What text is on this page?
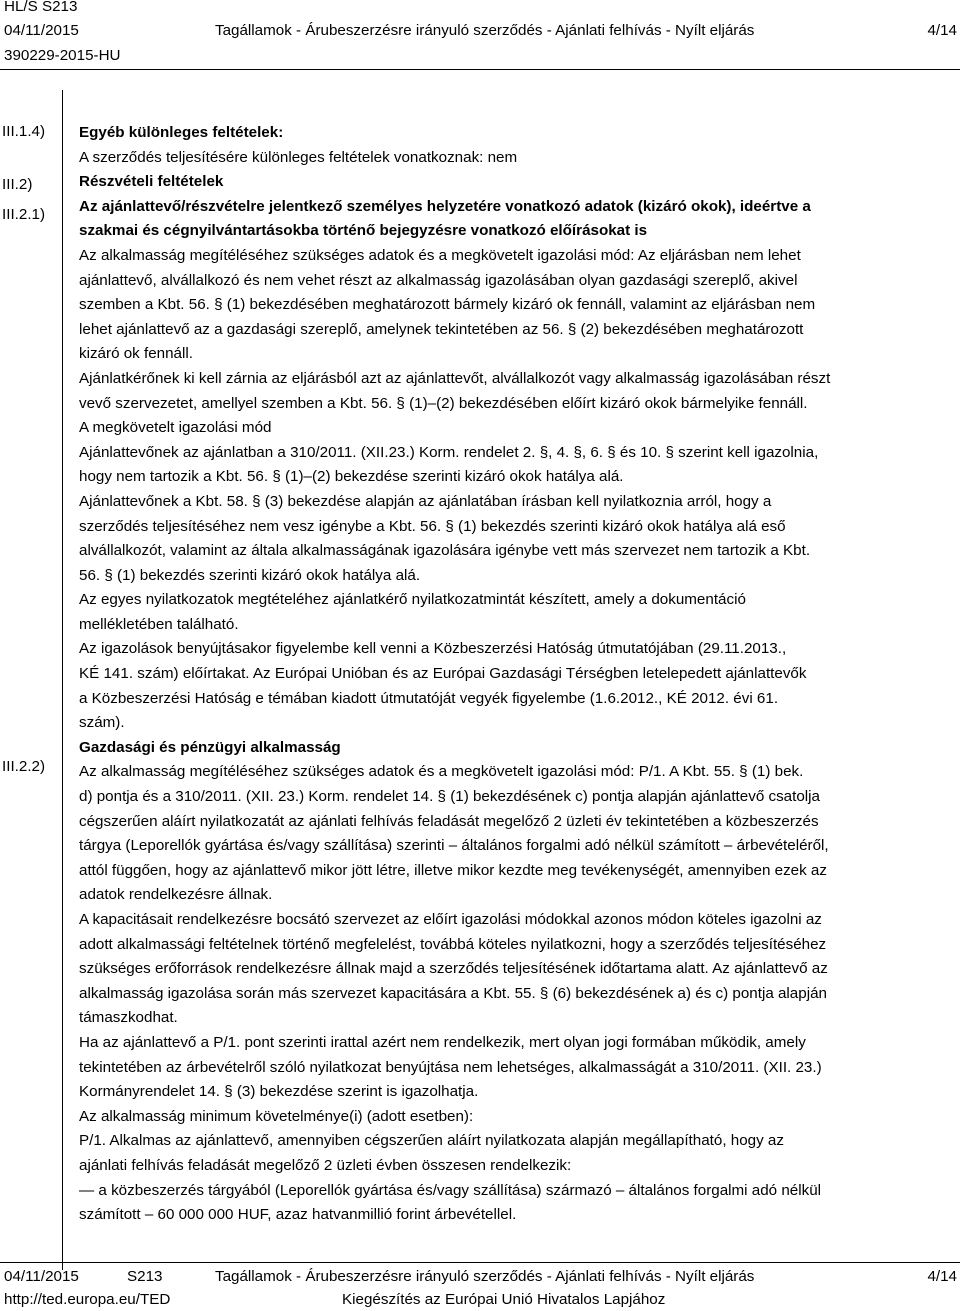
HL/S S213
04/11/2015	Tagállamok - Árubeszerzésre irányuló szerződés - Ajánlati felhívás - Nyílt eljárás	4/14
390229-2015-HU
III.1.4)
III.2)
III.2.1)
III.2.2)
Egyéb különleges feltételek:
A szerződés teljesítésére különleges feltételek vonatkoznak: nem
Részvételi feltételek
Az ajánlattevő/részvételre jelentkező személyes helyzetére vonatkozó adatok (kizáró okok), ideértve a
szakmai és cégnyilvántartásokba történő bejegyzésre vonatkozó előírásokat is
Az alkalmasság megítéléséhez szükséges adatok és a megkövetelt igazolási mód: Az eljárásban nem lehet
ajánlattevő, alvállalkozó és nem vehet részt az alkalmasság igazolásában olyan gazdasági szereplő, akivel
szemben a Kbt. 56. § (1) bekezdésében meghatározott bármely kizáró ok fennáll, valamint az eljárásban nem
lehet ajánlattevő az a gazdasági szereplő, amelynek tekintetében az 56. § (2) bekezdésében meghatározott
kizáró ok fennáll.
Ajánlatkérőnek ki kell zárnia az eljárásból azt az ajánlattevőt, alvállalkozót vagy alkalmasság igazolásában részt
vevő szervezetet, amellyel szemben a Kbt. 56. § (1)–(2) bekezdésében előírt kizáró okok bármelyike fennáll.
A megkövetelt igazolási mód
Ajánlattevőnek az ajánlatban a 310/2011. (XII.23.) Korm. rendelet 2. §, 4. §, 6. § és 10. § szerint kell igazolnia,
hogy nem tartozik a Kbt. 56. § (1)–(2) bekezdése szerinti kizáró okok hatálya alá.
Ajánlattevőnek a Kbt. 58. § (3) bekezdése alapján az ajánlatában írásban kell nyilatkoznia arról, hogy a
szerződés teljesítéséhez nem vesz igénybe a Kbt. 56. § (1) bekezdés szerinti kizáró okok hatálya alá eső
alvállalkozót, valamint az általa alkalmasságának igazolására igénybe vett más szervezet nem tartozik a Kbt.
56. § (1) bekezdés szerinti kizáró okok hatálya alá.
Az egyes nyilatkozatok megtételéhez ajánlatkérő nyilatkozatmintát készített, amely a dokumentáció
mellékletében található.
Az igazolások benyújtásakor figyelembe kell venni a Közbeszerzési Hatóság útmutatójában (29.11.2013.,
KÉ 141. szám) előírtakat. Az Európai Unióban és az Európai Gazdasági Térségben letelepedett ajánlattevők
a Közbeszerzési Hatóság e témában kiadott útmutatóját vegyék figyelembe (1.6.2012., KÉ 2012. évi 61.
szám).
Gazdasági és pénzügyi alkalmasság
Az alkalmasság megítéléséhez szükséges adatok és a megkövetelt igazolási mód: P/1. A Kbt. 55. § (1) bek.
d) pontja és a 310/2011. (XII. 23.) Korm. rendelet 14. § (1) bekezdésének c) pontja alapján ajánlattevő csatolja
cégszerűen aláírt nyilatkozatát az ajánlati felhívás feladását megelőző 2 üzleti év tekintetében a közbeszerzés
tárgya (Leporellók gyártása és/vagy szállítása) szerinti – általános forgalmi adó nélkül számított – árbevételéről,
attól függően, hogy az ajánlattevő mikor jött létre, illetve mikor kezdte meg tevékenységét, amennyiben ezek az
adatok rendelkezésre állnak.
A kapacitásait rendelkezésre bocsátó szervezet az előírt igazolási módokkal azonos módon köteles igazolni az
adott alkalmassági feltételnek történő megfelelést, továbbá köteles nyilatkozni, hogy a szerződés teljesítéséhez
szükséges erőforrások rendelkezésre állnak majd a szerződés teljesítésének időtartama alatt. Az ajánlattevő az
alkalmasság igazolása során más szervezet kapacitására a Kbt. 55. § (6) bekezdésének a) és c) pontja alapján
támaszkodhat.
Ha az ajánlattevő a P/1. pont szerinti irattal azért nem rendelkezik, mert olyan jogi formában működik, amely
tekintetében az árbevételről szóló nyilatkozat benyújtása nem lehetséges, alkalmasságát a 310/2011. (XII. 23.)
Kormányrendelet 14. § (3) bekezdése szerint is igazolhatja.
Az alkalmasság minimum követelménye(i) (adott esetben):
P/1. Alkalmas az ajánlattevő, amennyiben cégszerűen aláírt nyilatkozata alapján megállapítható, hogy az
ajánlati felhívás feladását megelőző 2 üzleti évben összesen rendelkezik:
— a közbeszerzés tárgyából (Leporellók gyártása és/vagy szállítása) származó – általános forgalmi adó nélkül
számított – 60 000 000 HUF, azaz hatvanmillió forint árbevétellel.
04/11/2015	S213	Tagállamok - Árubeszerzésre irányuló szerződés - Ajánlati felhívás - Nyílt eljárás	4/14
http://ted.europa.eu/TED	Kiegészítés az Európai Unió Hivatalos Lapjához
